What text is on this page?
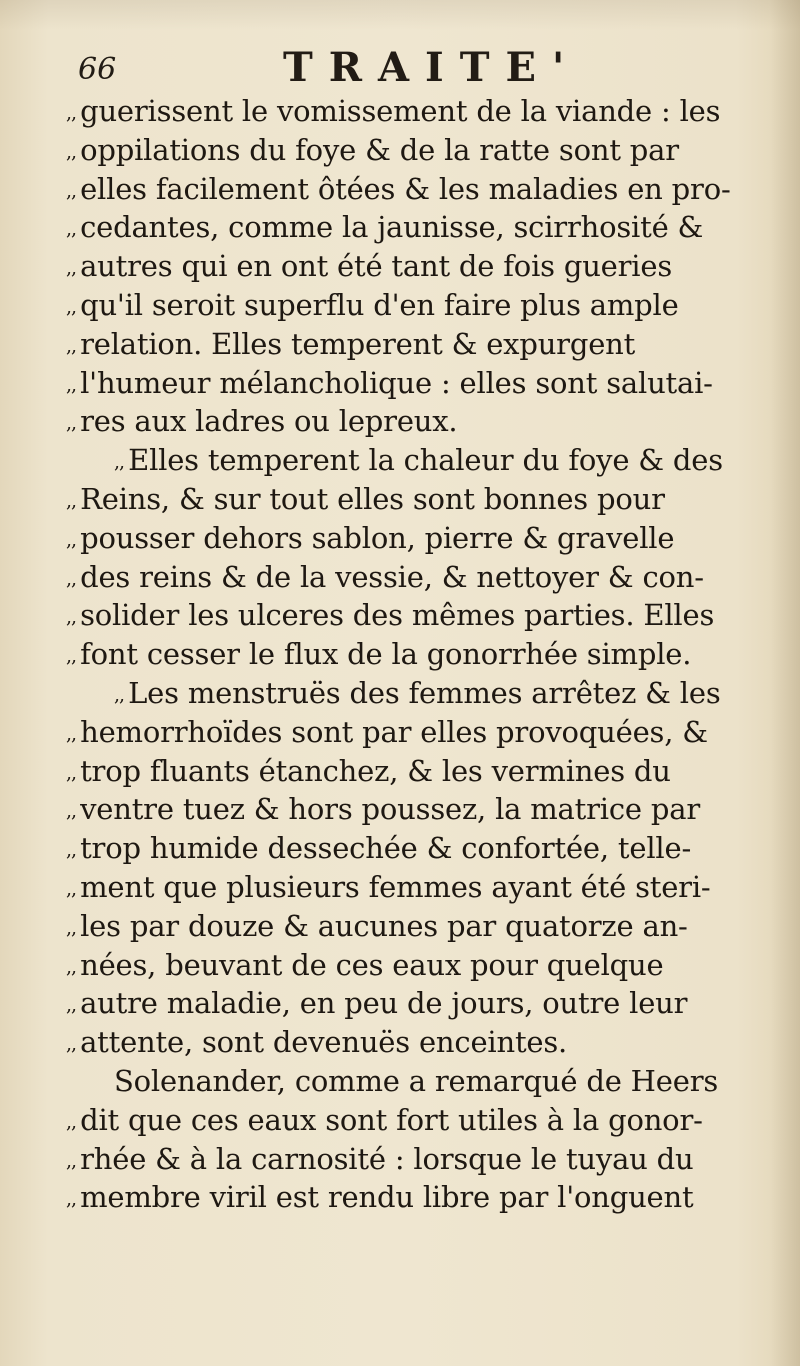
66	TRAITE'
,, guerissent le vomissement de la viande : les
,, oppilations du foye & de la ratte sont par
,, elles facilement ôtées & les maladies en pro-
,, cedantes, comme la jaunisse, scirrhosité &
,, autres qui en ont été tant de fois gueries
,, qu'il seroit superflu d'en faire plus ample
,, relation. Elles temperent & expurgent
,, l'humeur mélancholique : elles sont salutai-
,, res aux ladres ou lepreux.
,, Elles temperent la chaleur du foye & des
,, Reins, & sur tout elles sont bonnes pour
,, pousser dehors sablon, pierre & gravelle
,, des reins & de la vessie, & nettoyer & con-
,, solider les ulceres des mêmes parties. Elles
,, font cesser le flux de la gonorrhée simple.
,, Les menstruës des femmes arrêtez & les
,, hemorrhoïdes sont par elles provoquées, &
,, trop fluants étanchez, & les vermines du
,, ventre tuez & hors poussez, la matrice par
,, trop humide dessechée & confortée, telle-
,, ment que plusieurs femmes ayant été steri-
,, les par douze & aucunes par quatorze an-
,, nées, beuvant de ces eaux pour quelque
,, autre maladie, en peu de jours, outre leur
,, attente, sont devenuës enceintes.
Solenander, comme a remarqué de Heers
,, dit que ces eaux sont fort utiles à la gonor-
,, rhée & à la carnosité : lorsque le tuyau du
,, membre viril est rendu libre par l'onguent
